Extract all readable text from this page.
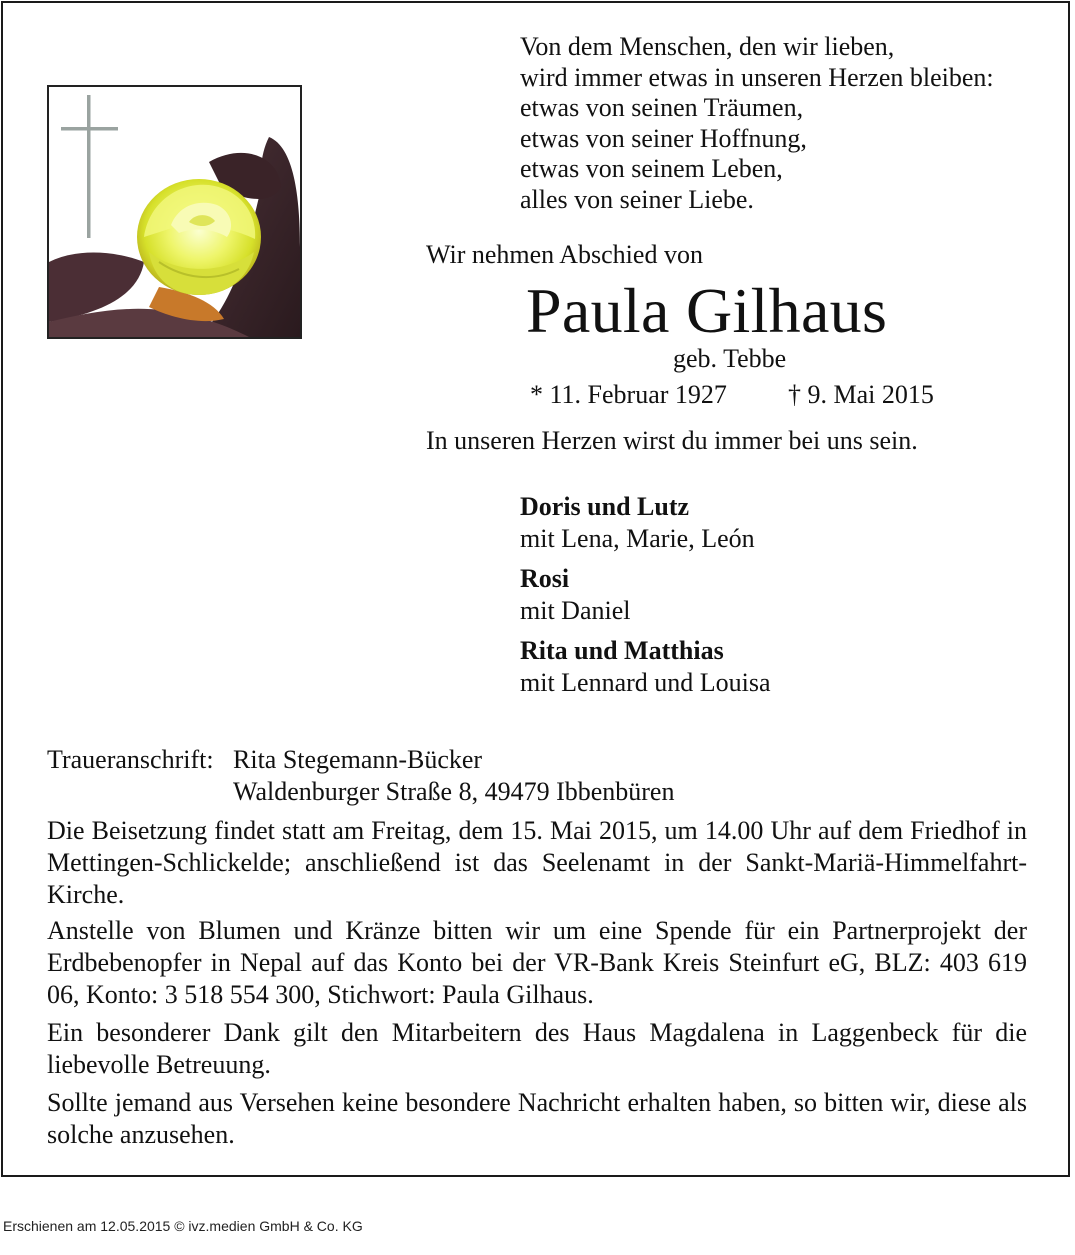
Von dem Menschen, den wir lieben,
wird immer etwas in unseren Herzen bleiben:
etwas von seinen Träumen,
etwas von seiner Hoffnung,
etwas von seinem Leben,
alles von seiner Liebe.
Wir nehmen Abschied von
Paula Gilhaus
geb. Tebbe
* 11. Februar 1927 † 9. Mai 2015
In unseren Herzen wirst du immer bei uns sein.
Doris und Lutz
mit Lena, Marie, León
Rosi
mit Daniel
Rita und Matthias
mit Lennard und Louisa
Traueranschrift: Rita Stegemann-Bücker
Waldenburger Straße 8, 49479 Ibbenbüren
Die Beisetzung findet statt am Freitag, dem 15. Mai 2015, um 14.00 Uhr auf dem Friedhof in Mettingen-Schlickelde; anschließend ist das Seelenamt in der Sankt-Mariä-Himmelfahrt-Kirche.
Anstelle von Blumen und Kränze bitten wir um eine Spende für ein Partnerprojekt der Erdbebenopfer in Nepal auf das Konto bei der VR-Bank Kreis Steinfurt eG, BLZ: 403 619 06, Konto: 3 518 554 300, Stichwort: Paula Gilhaus.
Ein besonderer Dank gilt den Mitarbeitern des Haus Magdalena in Laggenbeck für die liebevolle Betreuung.
Sollte jemand aus Versehen keine besondere Nachricht erhalten haben, so bitten wir, diese als solche anzusehen.
Erschienen am 12.05.2015 © ivz.medien GmbH & Co. KG
